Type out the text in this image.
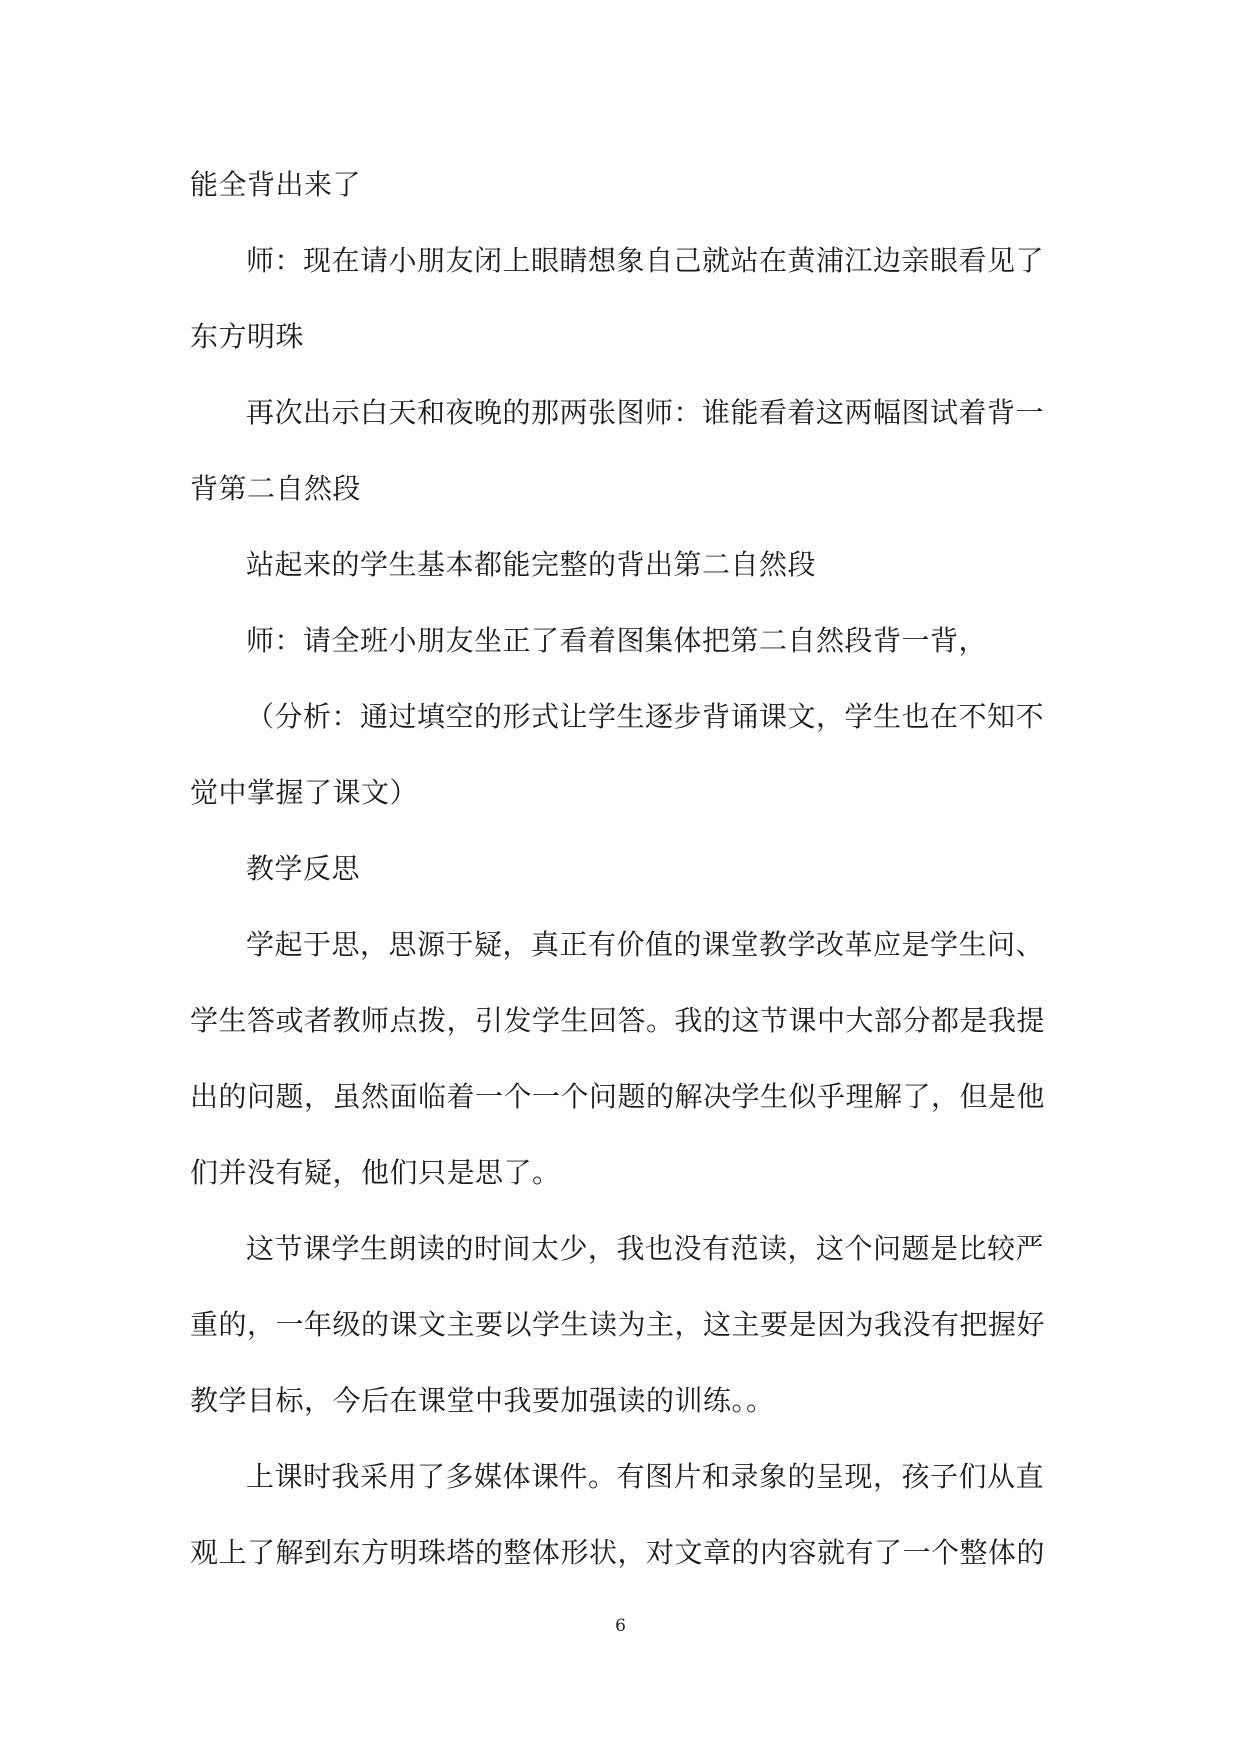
能全背出来了

师：现在请小朋友闭上眼睛想象自己就站在黄浦江边亲眼看见了东方明珠

再次出示白天和夜晚的那两张图师：谁能看着这两幅图试着背一背第二自然段

站起来的学生基本都能完整的背出第二自然段

师：请全班小朋友坐正了看着图集体把第二自然段背一背，

（分析：通过填空的形式让学生逐步背诵课文，学生也在不知不觉中掌握了课文）

教学反思

学起于思，思源于疑，真正有价值的课堂教学改革应是学生问、学生答或者教师点拨，引发学生回答。我的这节课中大部分都是我提出的问题，虽然面临着一个一个问题的解决学生似乎理解了，但是他们并没有疑，他们只是思了。

这节课学生朗读的时间太少，我也没有范读，这个问题是比较严重的，一年级的课文主要以学生读为主，这主要是因为我没有把握好教学目标，今后在课堂中我要加强读的训练。。

上课时我采用了多媒体课件。有图片和录象的呈现，孩子们从直观上了解到东方明珠塔的整体形状，对文章的内容就有了一个整体的

6
